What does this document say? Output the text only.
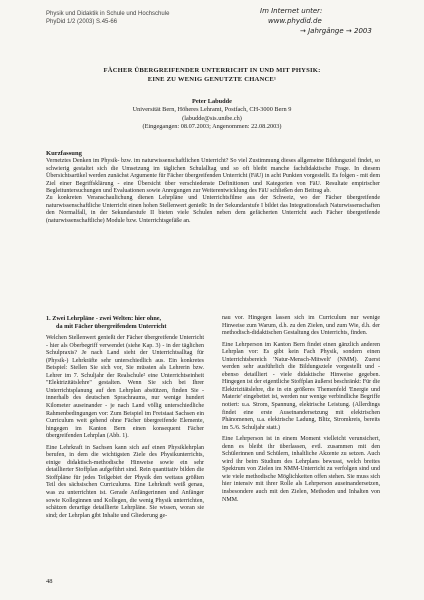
Physik und Didaktik in Schule und Hochschule
PhyDid 1/2 (2003) S.45-66
Im Internet unter:
www.phydid.de
→ Jahrgänge → 2003
FÄCHER ÜBERGREIFENDER UNTERRICHT IN UND MIT PHYSIK:
EINE ZU WENIG GENUTZTE CHANCE¹
Peter Labudde
Universität Bern, Höheres Lehramt, Postfach, CH-3000 Bern 9
(labudde@sis.unibe.ch)
(Eingegangen: 08.07.2003; Angenommen: 22.08.2003)
Kurzfassung
Vernetztes Denken im Physik- bzw. im naturwissenschaftlichen Unterricht? So viel Zustimmung dieses allgemeine Bildungsziel findet, so schwierig gestaltet sich die Umsetzung im täglichen Schulalltag und so oft bleibt manche fachdidaktische Frage. In diesem Übersichtsartikel werden zunächst Argumente für Fächer übergreifenden Unterricht (FäU) in acht Punkten vorgestellt. Es folgen - mit dem Ziel einer Begriffsklärung - eine Übersicht über verschiedenste Definitionen und Kategorien von FäU. Resultate empirischer Begleituntersuchungen und Evaluationen sowie Anregungen zur Weiterentwicklung des FäU schließen den Beitrag ab.
Zu konkreten Veranschaulichung dienen Lehrpläne und Unterrichtsfilme aus der Schweiz, wo der Fächer übergreifende naturwissenschaftliche Unterricht einen hohen Stellenwert genießt: In der Sekundarstufe I bildet das Integrationsfach Naturwissenschaften den Normalfall, in der Sekundarstufe II bieten viele Schulen neben dem gefächerten Unterricht auch Fächer übergreifende (naturwissenschaftliche) Module bzw. Unterrichtsgefäße an.
1. Zwei Lehrpläne - zwei Welten: hier ohne,
da mit Fächer übergreifendem Unterricht

Welchen Stellenwert genießt der Fächer übergreifende Unterricht - hier als Oberbegriff verwendet (siehe Kap. 3) - in der täglichen Schulpraxis? Je nach Land sieht der Unterrichtsalltag für (Physik-) Lehrkräfte sehr unterschiedlich aus. Ein konkretes Beispiel: Stellen Sie sich vor, Sie müssten als Lehrerin bzw. Lehrer im 7. Schuljahr der Realschule² eine Unterrichtseinheit "Elektrizitätslehre" gestalten. Wenn Sie sich bei Ihrer Unterrichtsplanung auf den Lehrplan abstützen, finden Sie - innerhalb des deutschen Sprachraums, nur wenige hundert Kilometer auseinander - je nach Land völlig unterschiedliche Rahmenbedingungen vor: Zum Beispiel im Freistaat Sachsen ein Curriculum weit gehend ohne Fächer übergreifende Elemente, hingegen im Kanton Bern einen konsequent Fächer übergreifenden Lehrplan (Abb. 1).

Eine Lehrkraft in Sachsen kann sich auf einen Physiklehrplan berufen, in dem die wichtigsten Ziele des Physikunterrichts, einige didaktisch-methodische Hinweise sowie ein sehr detaillierter Stoffplan aufgeführt sind. Rein quantitativ bilden die Stoffpläne für jedes Teilgebiet der Physik den weitaus größten Teil des sächsischen Curriculums. Eine Lehrkraft weiß genau, was zu unterrichten ist. Gerade Anfängerinnen und Anfänger sowie Kolleginnen und Kollegen, die wenig Physik unterrichten, schätzen derartige detaillierte Lehrpläne. Sie wissen, woran sie sind; der Lehrplan gibt Inhalte und Gliederung ge-

nau vor. Hingegen lassen sich im Curriculum nur wenige Hinweise zum Warum, d.h. zu den Zielen, und zum Wie, d.h. der methodisch-didaktischen Gestaltung des Unterrichts, finden.

Eine Lehrperson im Kanton Bern findet einen gänzlich anderen Lehrplan vor: Es gibt kein Fach Physik, sondern einen Unterrichtsbereich 'Natur-Mensch-Mitwelt' (NMM). Zuerst werden sehr ausführlich die Bildungsziele vorgestellt und - ebenso detailliert - viele didaktische Hinweise gegeben. Hingegen ist der eigentliche Stoffplan äußerst beschränkt: Für die Elektrizitätslehre, die in ein größeres Themenfeld 'Energie und Materie' eingebettet ist, werden nur wenige verbindliche Begriffe notiert: u.a. Strom, Spannung, elektrische Leistung. (Allerdings findet eine erste Auseinandersetzung mit elektrischen Phänomenen, u.a. elektrische Ladung, Blitz, Stromkreis, bereits im 5./6. Schuljahr statt.)

Eine Lehrperson ist in einem Moment vielleicht verunsichert, denn es bleibt ihr überlassen, evtl. zusammen mit den Schülerinnen und Schülern, inhaltliche Akzente zu setzen. Auch wird ihr beim Studium des Lehrplans bewusst, welch breites Spektrum von Zielen im NMM-Unterricht zu verfolgen sind und wie viele methodische Möglichkeiten offen stehen. Sie muss sich hier intensiv mit ihrer Rolle als Lehrperson auseinandersetzen, insbesondere auch mit den Zielen, Methoden und Inhalten von NMM.

48
